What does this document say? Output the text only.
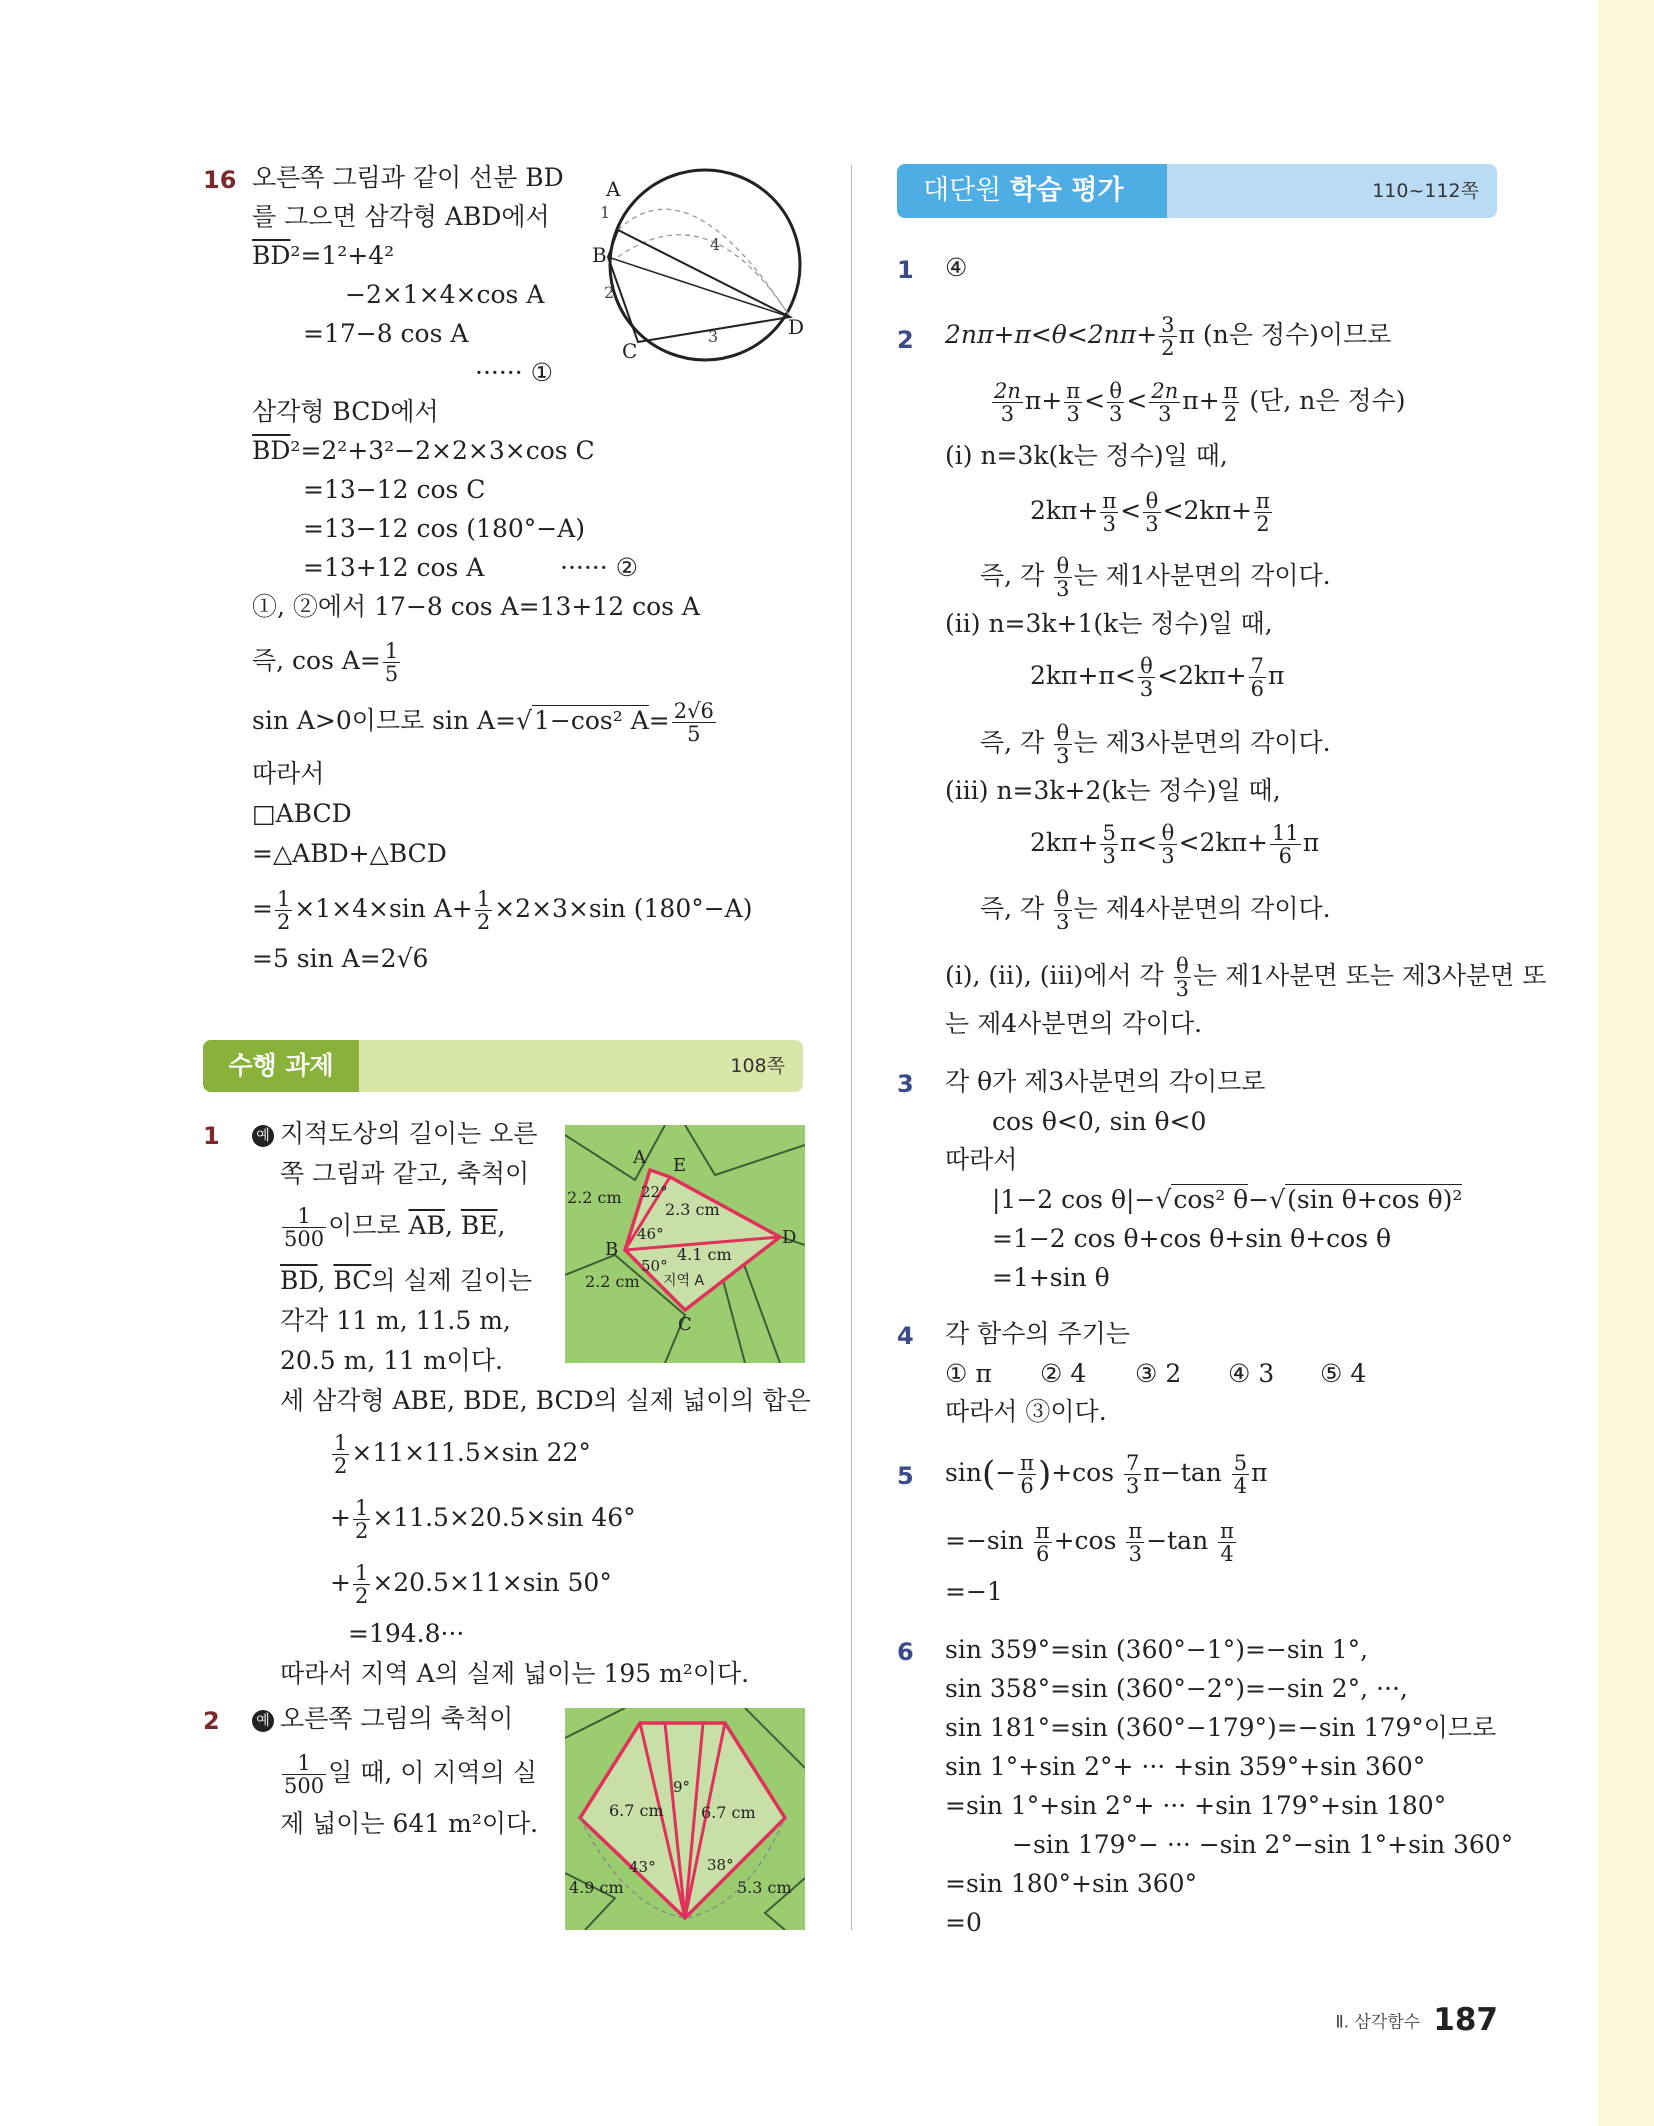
16 오른쪽 그림과 같이 선분 BD
를 그으면 삼각형 ABD에서
$\overline{BD}^2=1^2+4^2$
−2×1×4×cos A
=17−8 cos A
······ ①
삼각형 BCD에서
$\overline{BD}^2=2^2+3^2-2\times 2\times 3\times\cos$ C
=13−12 cos C
=13−12 cos (180°−A)
=13+12 cos A	······ ②
①, ②에서 17−8 cos A=13+12 cos A
즉, $\cos A= \frac{1}{5}$
sin A>0이므로 sin A=√1−cos² $A= \frac{2√6}{5}$
따라서
□ABCD
=△ABD+△BCD
= $\frac{1}{2} \times 1\times 4\times\sin$ $A+ \frac{1}{2} \times 2\times 3\times\sin$ (180°−A)
=5 sin A=2√6
A
B
C
D
1
2
3
4
수행 과제	108쪽
1	예 지적도상의 길이는 오른
쪽 그림과 같고, 축척이
$\frac{1}{500}$ 이므로 $\overline{AB}$, $\overline{BE}$,
$\overline{BD}$, $\overline{BC}$의 실제 길이는
각각 11 m, 11.5 m,
20.5 m, 11 m이다.
세 삼각형 ABE, BDE, BCD의 실제 넓이의 합은
$\frac{1}{2} \times 11\times 11.5\times\sin$ 22°
+ $\frac{1}{2} \times 11.5\times 20.5\times\sin$ 46°
+ $\frac{1}{2} \times 20.5\times 11\times\sin$ 50°
=194.8···
따라서 지역 A의 실제 넓이는 195 m²이다.
A E
B
D
C
2.2 cm
2.3 cm
4.1 cm
2.2 cm
22°
46°
50°
지역 A
2	예 오른쪽 그림의 축척이
$\frac{1}{500}$ 일 때, 이 지역의 실
제 넓이는 641 m²이다.	6.7 cm 6.7 cm
4.9 cm	5.3 cm
9°
43°	38°
대단원 학습 평가	110~112쪽
1 ④
2 $2n\pi+\pi<\theta<2n\pi+ \frac{3}{2}$ π (n은 정수)이므로
$\frac{2n}{3} \pi+ \frac{\pi}{3} < \frac{\theta}{3} < \frac{2n}{3} \pi+ \frac{\pi}{2}$ (단, n은 정수)
(ⅰ) n=3k(k는 정수)일 때,
$2k\pi+ \frac{\pi}{3} < \frac{\theta}{3} <2k\pi+ \frac{\pi}{2}$
즉, 각 $\frac{\theta}{3}$ 는 제1사분면의 각이다.
(ⅱ) n=3k+1(k는 정수)일 때,
$2k\pi+\pi< \frac{\theta}{3} <2k\pi+ \frac{7}{6}$ π
즉, 각 $\frac{\theta}{3}$ 는 제3사분면의 각이다.
(ⅲ) n=3k+2(k는 정수)일 때,
$2k\pi+ \frac{5}{3} \pi< \frac{\theta}{3} <2k\pi+ \frac{11}{6}$ π
즉, 각 $\frac{\theta}{3}$ 는 제4사분면의 각이다.
(ⅰ), (ⅱ), (ⅲ)에서 각 $\frac{\theta}{3}$ 는 제1사분면 또는 제3사분면 또
는 제4사분면의 각이다.
3 각 θ가 제3사분면의 각이므로
cos θ<0, sin θ<0
따라서
|1−2 cos θ|−√cos² θ−√(sin θ+cos θ)²
=1−2 cos θ+cos θ+sin θ+cos θ
=1+sin θ
4 각 함수의 주기는
① π ② 4 ③ 2 ④ 3 ⑤ 4
따라서 ③이다.
5 $\sin(- \frac{\pi}{6} )+\cos \frac{7}{3} \pi-\tan \frac{5}{4}$ π
$=-\sin \frac{\pi}{6} +\cos \frac{\pi}{3} -\tan \frac{\pi}{4}$
=−1
6 sin 359°=sin (360°−1°)=−sin 1°,
sin 358°=sin (360°−2°)=−sin 2°, ···,
sin 181°=sin (360°−179°)=−sin 179°이므로
sin 1°+sin 2°+ ··· +sin 359°+sin 360°
=sin 1°+sin 2°+ ··· +sin 179°+sin 180°
−sin 179°− ··· −sin 2°−sin 1°+sin 360°
=sin 180°+sin 360°
=0
Ⅱ. 삼각함수 187
